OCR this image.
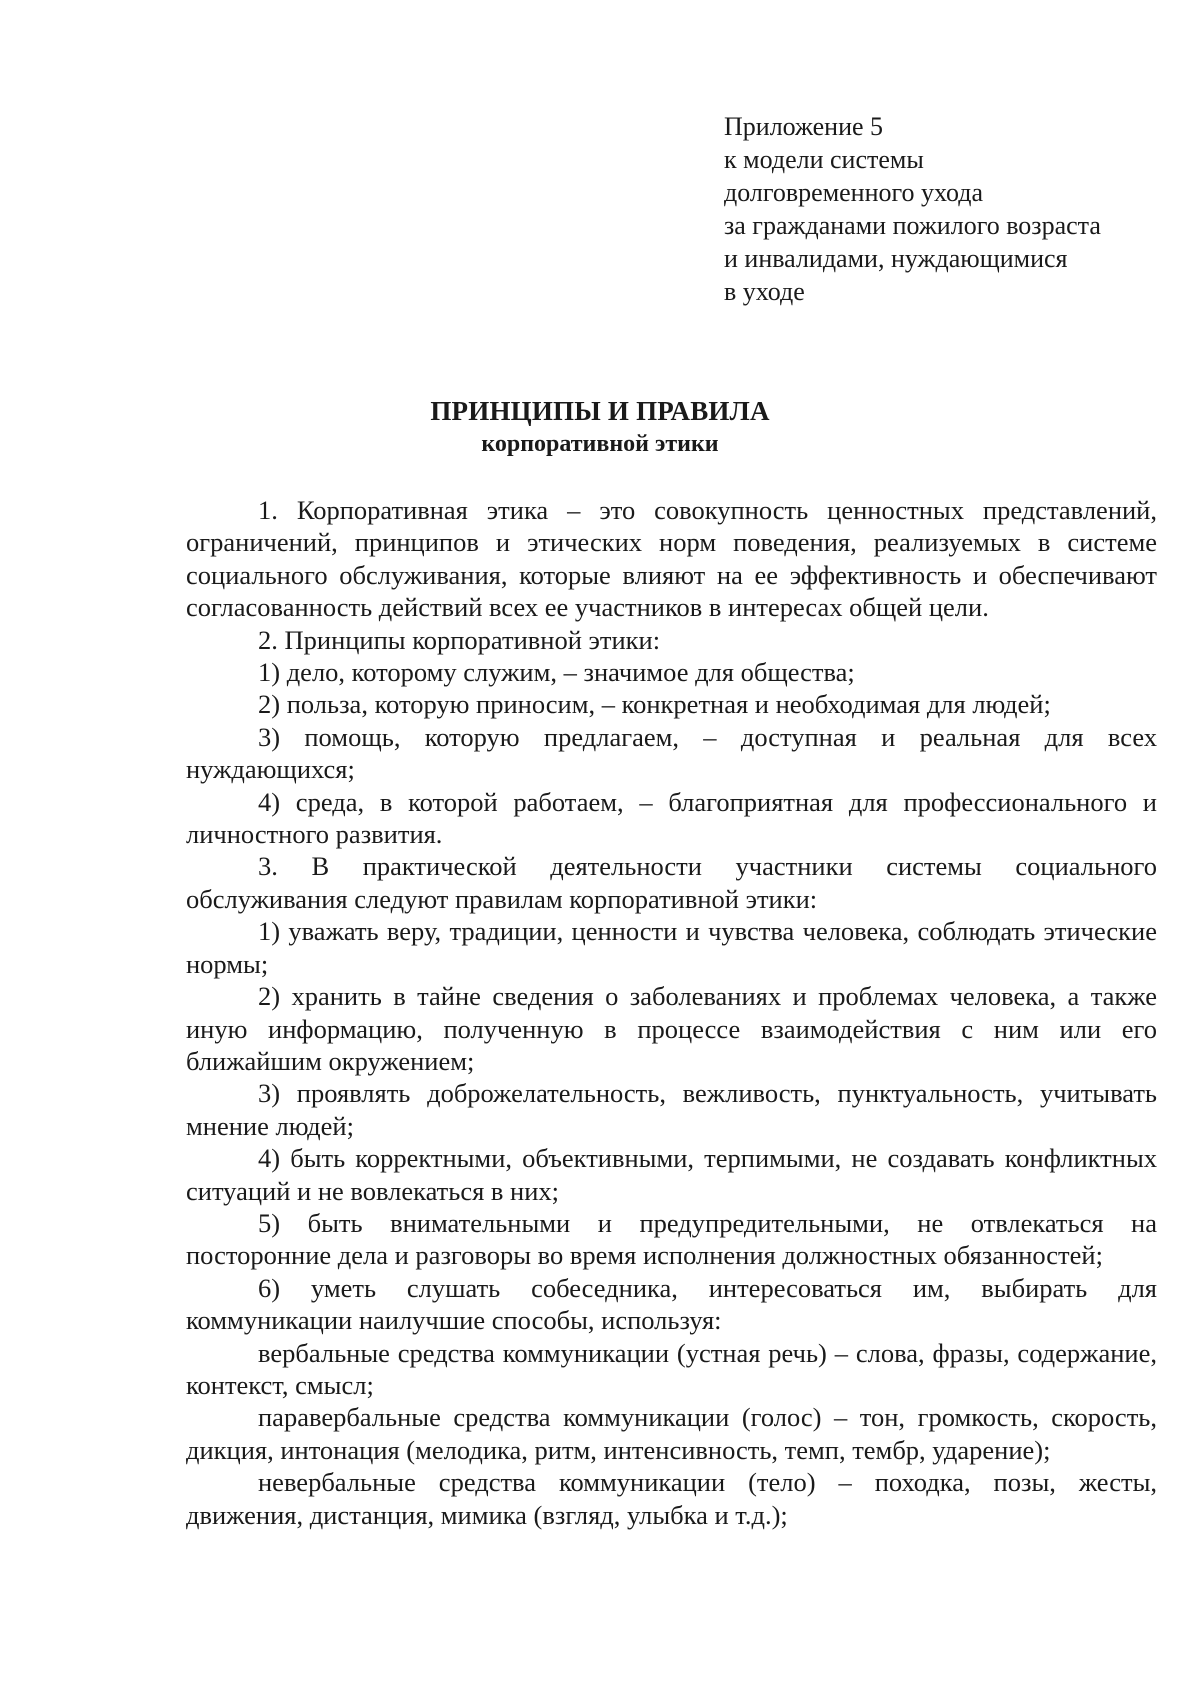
Приложение 5
к модели системы
долговременного ухода
за гражданами пожилого возраста
и инвалидами, нуждающимися
в уходе
ПРИНЦИПЫ И ПРАВИЛА
корпоративной этики

1. Корпоративная этика – это совокупность ценностных представлений, ограничений, принципов и этических норм поведения, реализуемых в системе социального обслуживания, которые влияют на ее эффективность и обеспечивают согласованность действий всех ее участников в интересах общей цели.

2. Принципы корпоративной этики:

1) дело, которому служим, – значимое для общества;

2) польза, которую приносим, – конкретная и необходимая для людей;

3) помощь, которую предлагаем, – доступная и реальная для всех нуждающихся;

4) среда, в которой работаем, – благоприятная для профессионального и личностного развития.

3. В практической деятельности участники системы социального обслуживания следуют правилам корпоративной этики:

1) уважать веру, традиции, ценности и чувства человека, соблюдать этические нормы;

2) хранить в тайне сведения о заболеваниях и проблемах человека, а также иную информацию, полученную в процессе взаимодействия с ним или его ближайшим окружением;

3) проявлять доброжелательность, вежливость, пунктуальность, учитывать мнение людей;

4) быть корректными, объективными, терпимыми, не создавать конфликтных ситуаций и не вовлекаться в них;

5) быть внимательными и предупредительными, не отвлекаться на посторонние дела и разговоры во время исполнения должностных обязанностей;

6) уметь слушать собеседника, интересоваться им, выбирать для коммуникации наилучшие способы, используя:

вербальные средства коммуникации (устная речь) – слова, фразы, содержание, контекст, смысл;

паравербальные средства коммуникации (голос) – тон, громкость, скорость, дикция, интонация (мелодика, ритм, интенсивность, темп, тембр, ударение);

невербальные средства коммуникации (тело) – походка, позы, жесты, движения, дистанция, мимика (взгляд, улыбка и т.д.);
